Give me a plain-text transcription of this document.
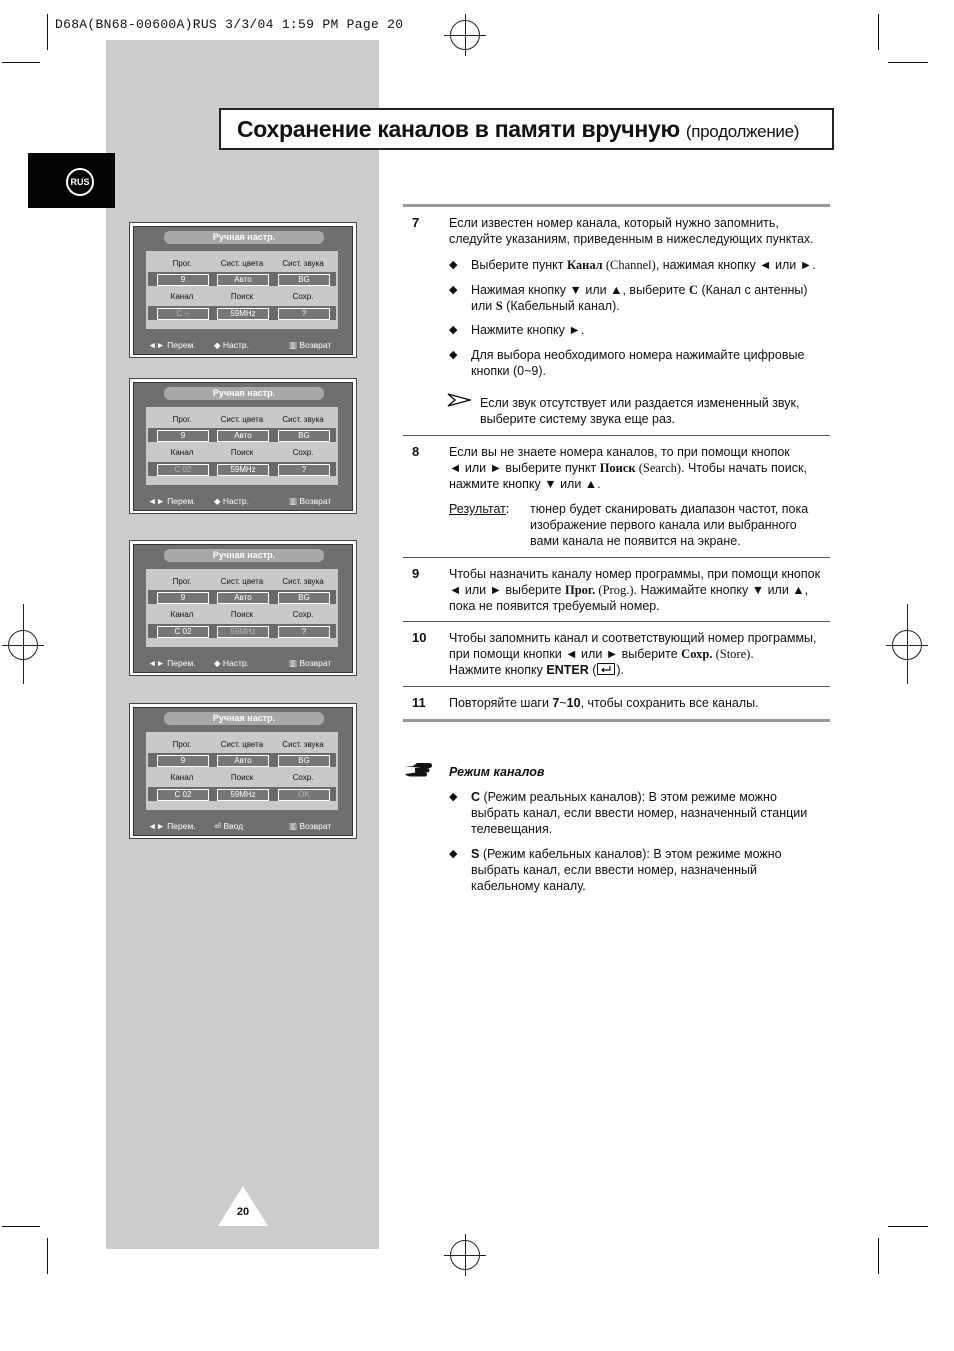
D68A(BN68-00600A)RUS 3/3/04 1:59 PM Page 20
RUS
Сохранение каналов в памяти вручную (продолжение)
Ручная настр.
Прог.	Сист. цвета	Сист. звука
9	Авто	BG
Канал	Поиск	Сохр.
C --	59MHz	?
◄► Перем. ◆ Настр.	▥ Возврат
Ручная настр.
Прог.	Сист. цвета	Сист. звука
9	Авто	BG
Канал	Поиск	Сохр.
C 02	59MHz	?
◄► Перем. ◆ Настр.	▥ Возврат
Ручная настр.
Прог.	Сист. цвета	Сист. звука
9	Авто	BG
Канал	Поиск	Сохр.
C 02	59MHz	?
◄► Перем. ◆ Настр.	▥ Возврат
Ручная настр.
Прог.	Сист. цвета	Сист. звука
9	Авто	BG
Канал	Поиск	Сохр.
C 02	59MHz	OK
◄► Перем. ⏎ Ввод	▥ Возврат
7 Если известен номер канала, который нужно запомнить,
следуйте указаниям, приведенным в нижеследующих пунктах.
◆ Выберите пункт Канал (Channel), нажимая кнопку ◄ или ►.
◆ Нажимая кнопку ▼ или ▲, выберите C (Канал с антенны)
или S (Кабельный канал).
◆ Нажмите кнопку ►.
◆ Для выбора необходимого номера нажимайте цифровые
кнопки (0~9).
Если звук отсутствует или раздается измененный звук,
выберите систему звука еще раз.
8 Если вы не знаете номера каналов, то при помощи кнопок
◄ или ► выберите пункт Поиск (Search). Чтобы начать поиск,
нажмите кнопку ▼ или ▲.
Результат: тюнер будет сканировать диапазон частот, пока
изображение первого канала или выбранного
вами канала не появится на экране.
9 Чтобы назначить каналу номер программы, при помощи кнопок
◄ или ► выберите Прог. (Prog.). Нажимайте кнопку ▼ или ▲,
пока не появится требуемый номер.
10 Чтобы запомнить канал и соответствующий номер программы,
при помощи кнопки ◄ или ► выберите Сохр. (Store).
Нажмите кнопку ENTER ( ).
11 Повторяйте шаги 7~10, чтобы сохранить все каналы.
Режим каналов
◆ C (Режим реальных каналов): В этом режиме можно
выбрать канал, если ввести номер, назначенный станции
телевещания.
◆ S (Режим кабельных каналов): В этом режиме можно
выбрать канал, если ввести номер, назначенный
кабельному каналу.
20
